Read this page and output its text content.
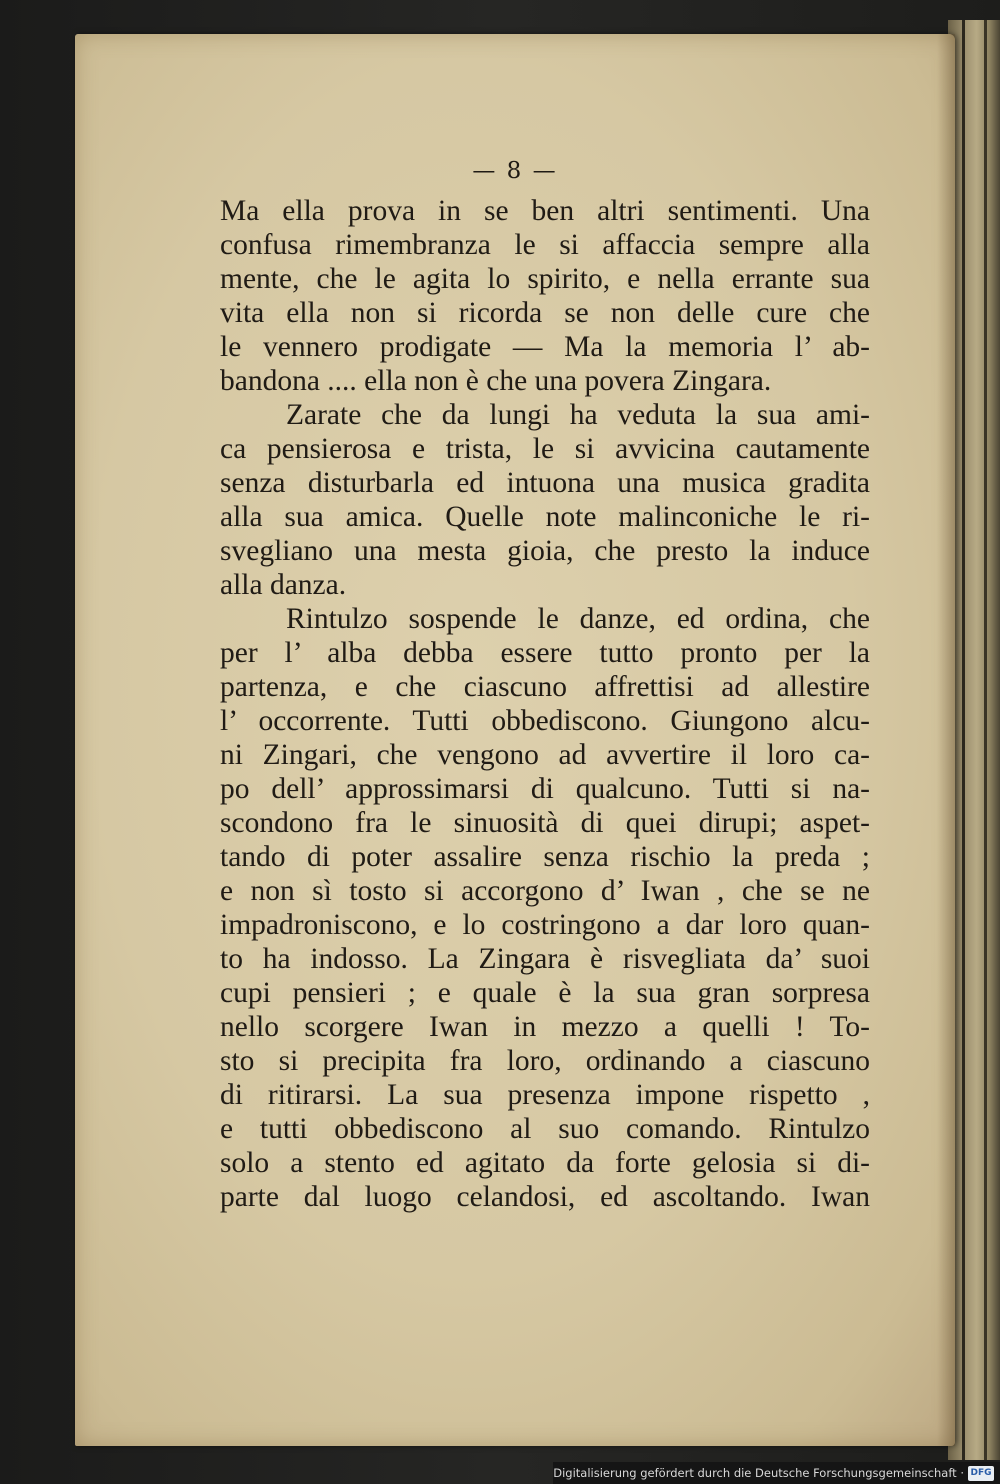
— 8 —
Ma ella prova in se ben altri sentimenti. Una
confusa rimembranza le si affaccia sempre alla
mente, che le agita lo spirito, e nella errante sua
vita ella non si ricorda se non delle cure che
le vennero prodigate — Ma la memoria l’ ab-
bandona .... ella non è che una povera Zingara.
Zarate che da lungi ha veduta la sua ami-
ca pensierosa e trista, le si avvicina cautamente
senza disturbarla ed intuona una musica gradita
alla sua amica. Quelle note malinconiche le ri-
svegliano una mesta gioia, che presto la induce
alla danza.
Rintulzo sospende le danze, ed ordina, che
per l’ alba debba essere tutto pronto per la
partenza, e che ciascuno affrettisi ad allestire
l’ occorrente. Tutti obbediscono. Giungono alcu-
ni Zingari, che vengono ad avvertire il loro ca-
po dell’ approssimarsi di qualcuno. Tutti si na-
scondono fra le sinuosità di quei dirupi; aspet-
tando di poter assalire senza rischio la preda ;
e non sì tosto si accorgono d’ Iwan , che se ne
impadroniscono, e lo costringono a dar loro quan-
to ha indosso. La Zingara è risvegliata da’ suoi
cupi pensieri ; e quale è la sua gran sorpresa
nello scorgere Iwan in mezzo a quelli ! To-
sto si precipita fra loro, ordinando a ciascuno
di ritirarsi. La sua presenza impone rispetto ,
e tutti obbediscono al suo comando. Rintulzo
solo a stento ed agitato da forte gelosia si di-
parte dal luogo celandosi, ed ascoltando. Iwan
Digitalisierung gefördert durch die Deutsche Forschungsgemeinschaft · DFG
